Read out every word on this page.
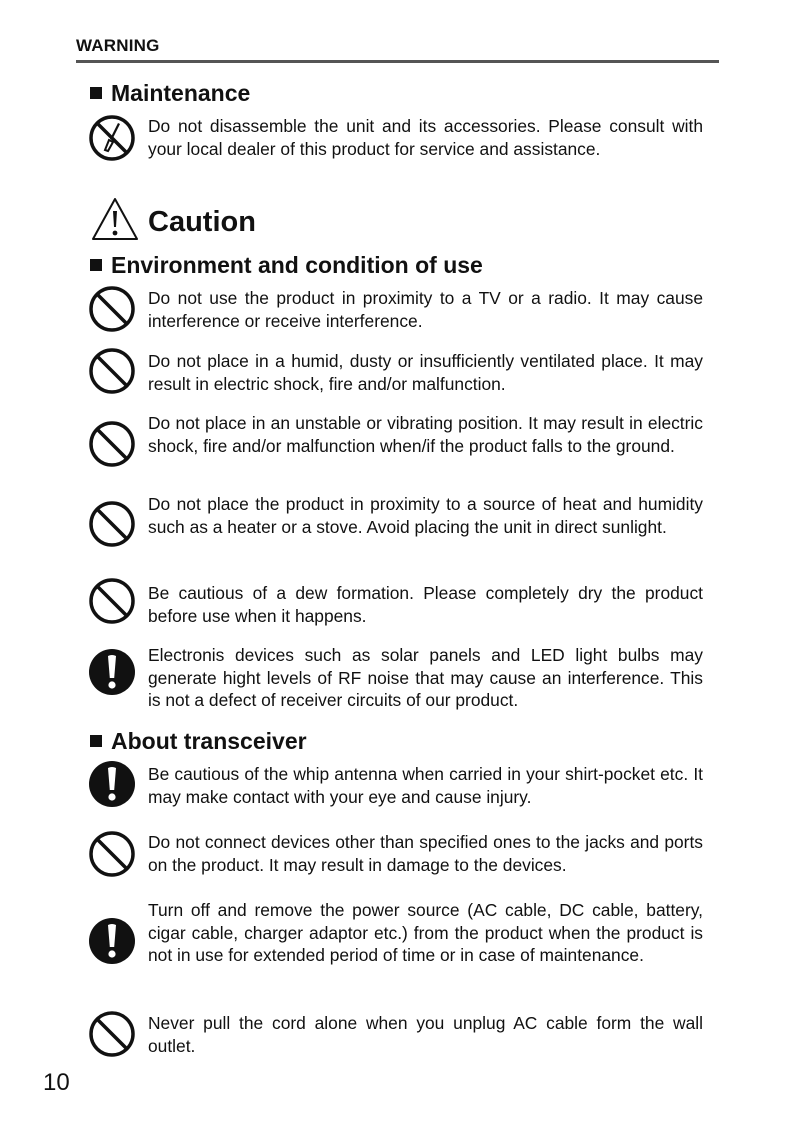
WARNING
Maintenance
Do not disassemble the unit and its accessories. Please consult with your local dealer of this product for service and assistance.
Caution
Environment and condition of use
Do not use the product in proximity to a TV or a radio. It may cause interference or receive interference.
Do not place in a humid, dusty or insufficiently ventilated place. It may result in electric shock, fire and/or malfunction.
Do not place in an unstable or vibrating position. It may result in electric shock, fire and/or malfunction when/if the product falls to the ground.
Do not place the product in proximity to a source of heat and humidity such as a heater or a stove. Avoid placing the unit in direct sunlight.
Be cautious of a dew formation. Please completely dry the product before use when it happens.
Electronis devices such as solar panels and LED light bulbs may generate hight levels of RF noise that may cause an interference. This is not a defect of receiver circuits of our product.
About transceiver
Be cautious of the whip antenna when carried in your shirt-pocket etc. It may make contact with your eye and cause injury.
Do not connect devices other than specified ones to the jacks and ports on the product. It may result in damage to the devices.
Turn off and remove the power source (AC cable, DC cable, battery, cigar cable, charger adaptor etc.) from the product when the product is not in use for extended period of time or in case of maintenance.
Never pull the cord alone when you unplug AC cable form the wall outlet.
10
